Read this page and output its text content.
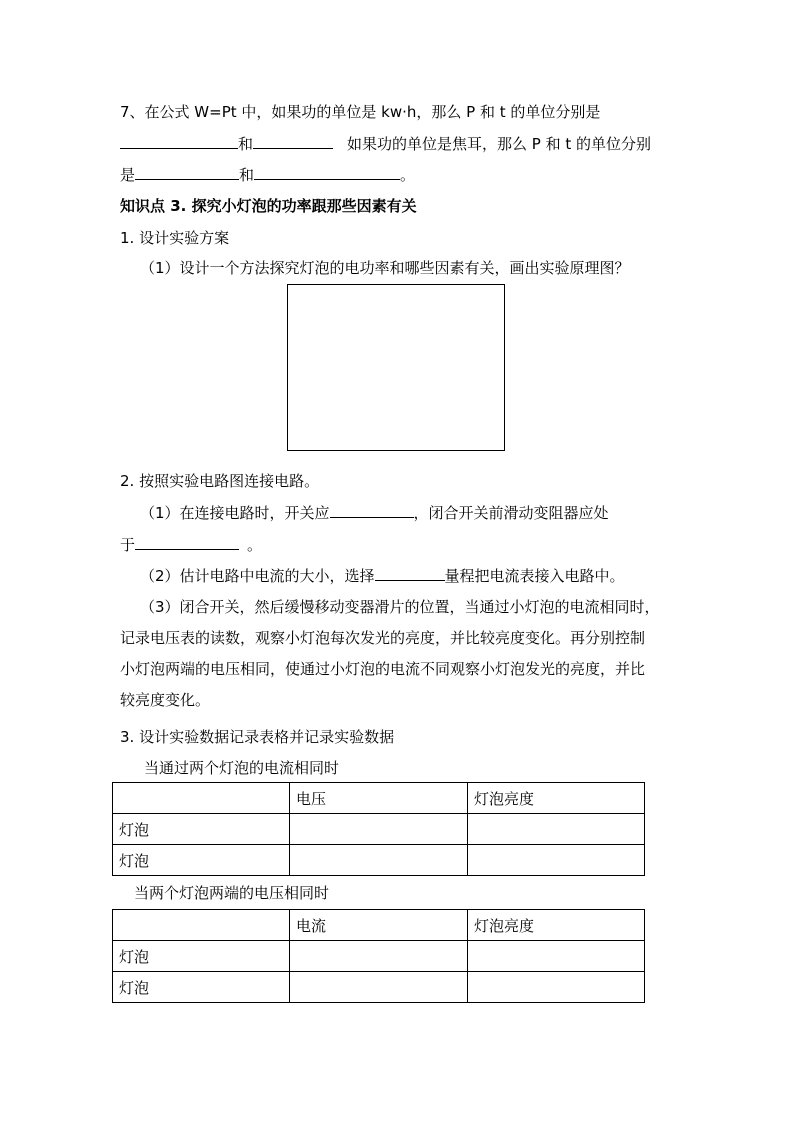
7、在公式 W=Pt 中，如果功的单位是 kw·h，那么 P 和 t 的单位分别是
和	如果功的单位是焦耳，那么 P 和 t 的单位分别
是	和	。
知识点 3. 探究小灯泡的功率跟那些因素有关
1. 设计实验方案
（1）设计一个方法探究灯泡的电功率和哪些因素有关，画出实验原理图？
2. 按照实验电路图连接电路。
（1）在连接电路时，开关应	，闭合开关前滑动变阻器应处
于	。
（2）估计电路中电流的大小，选择	量程把电流表接入电路中。
（3）闭合开关，然后缓慢移动变器滑片的位置，当通过小灯泡的电流相同时，
记录电压表的读数，观察小灯泡每次发光的亮度，并比较亮度变化。再分别控制
小灯泡两端的电压相同，使通过小灯泡的电流不同观察小灯泡发光的亮度，并比
较亮度变化。
3. 设计实验数据记录表格并记录实验数据
当通过两个灯泡的电流相同时
	电压	灯泡亮度
灯泡		
灯泡		
当两个灯泡两端的电压相同时
	电流	灯泡亮度
灯泡		
灯泡		
